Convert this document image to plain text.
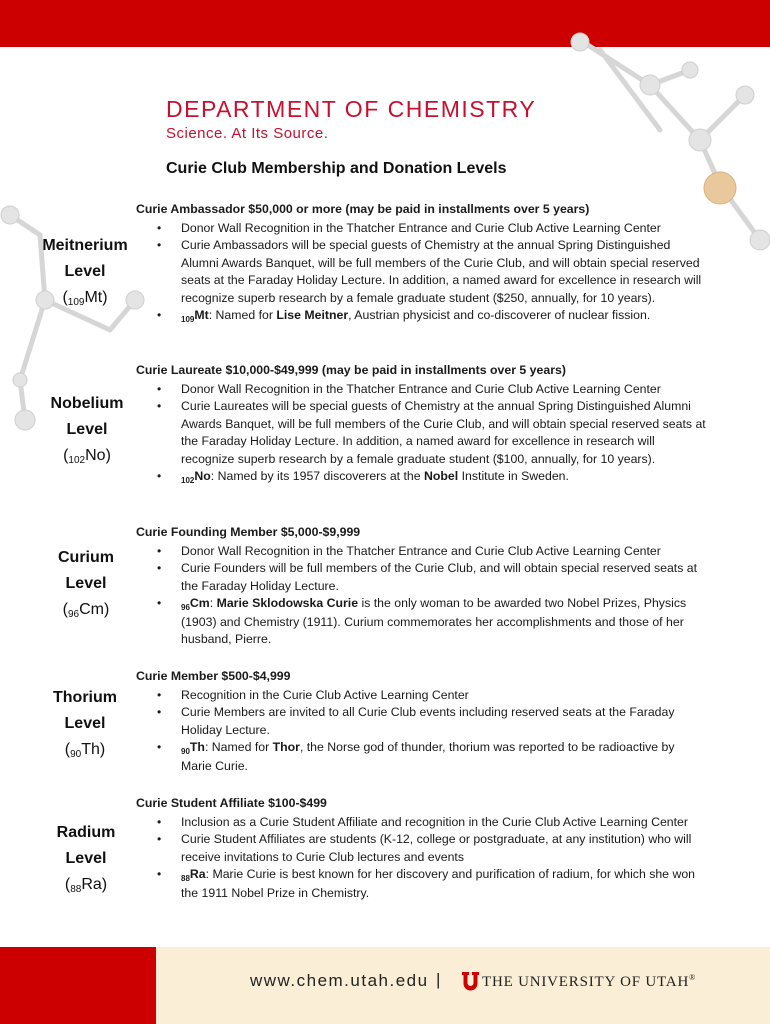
DEPARTMENT OF CHEMISTRY
Science. At Its Source.
Curie Club Membership and Donation Levels
Meitnerium
Level
$(_{109}Mt)$
Curie Ambassador $50,000 or more (may be paid in installments over 5 years)
• Donor Wall Recognition in the Thatcher Entrance and Curie Club Active Learning Center
• Curie Ambassadors will be special guests of Chemistry at the annual Spring Distinguished Alumni Awards Banquet, will be full members of the Curie Club, and will obtain special reserved seats at the Faraday Holiday Lecture. In addition, a named award for excellence in research will recognize superb research by a female graduate student ($250, annually, for 10 years).
• $_{109}$Mt: Named for Lise Meitner, Austrian physicist and co-discoverer of nuclear fission.
Nobelium
Level
$(_{102}No)$
Curie Laureate $10,000-$49,999 (may be paid in installments over 5 years)
• Donor Wall Recognition in the Thatcher Entrance and Curie Club Active Learning Center
• Curie Laureates will be special guests of Chemistry at the annual Spring Distinguished Alumni Awards Banquet, will be full members of the Curie Club, and will obtain special reserved seats at the Faraday Holiday Lecture. In addition, a named award for excellence in research will recognize superb research by a female graduate student ($100, annually, for 10 years).
• $_{102}$No: Named by its 1957 discoverers at the Nobel Institute in Sweden.
Curium
Level
$(_{96}Cm)$
Curie Founding Member $5,000-$9,999
• Donor Wall Recognition in the Thatcher Entrance and Curie Club Active Learning Center
• Curie Founders will be full members of the Curie Club, and will obtain special reserved seats at the Faraday Holiday Lecture.
• $_{96}$Cm: Marie Sklodowska Curie is the only woman to be awarded two Nobel Prizes, Physics (1903) and Chemistry (1911). Curium commemorates her accomplishments and those of her husband, Pierre.
Thorium
Level
$(_{90}Th)$
Curie Member $500-$4,999
• Recognition in the Curie Club Active Learning Center
• Curie Members are invited to all Curie Club events including reserved seats at the Faraday Holiday Lecture.
• $_{90}$Th: Named for Thor, the Norse god of thunder, thorium was reported to be radioactive by Marie Curie.
Radium
Level
$(_{88}Ra)$
Curie Student Affiliate $100-$499
• Inclusion as a Curie Student Affiliate and recognition in the Curie Club Active Learning Center
• Curie Student Affiliates are students (K-12, college or postgraduate, at any institution) who will receive invitations to Curie Club lectures and events
• $_{88}$Ra: Marie Curie is best known for her discovery and purification of radium, for which she won the 1911 Nobel Prize in Chemistry.
www.chem.utah.edu |	THE UNIVERSITY OF UTAH®
